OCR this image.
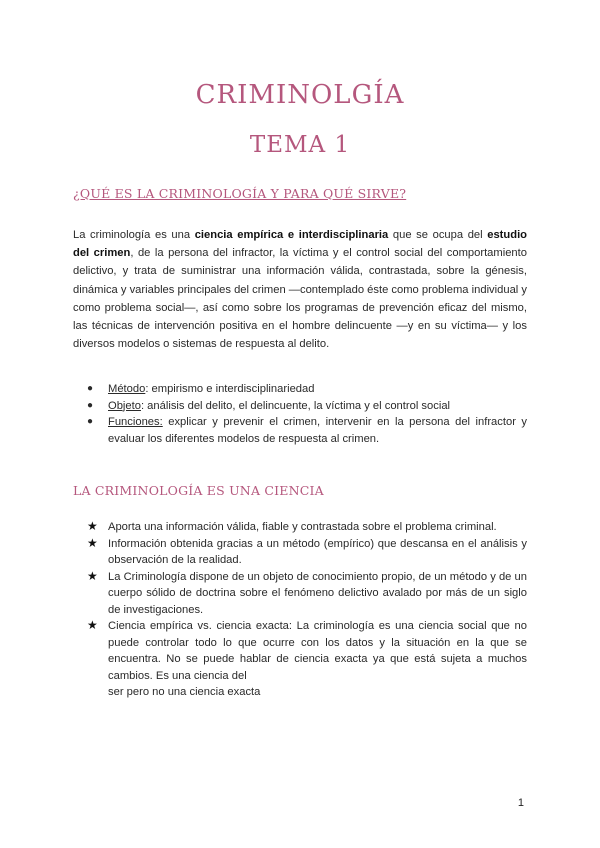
CRIMINOLGÍA
TEMA 1
¿QUÉ ES LA CRIMINOLOGÍA Y PARA QUÉ SIRVE?

La criminología es una ciencia empírica e interdisciplinaria que se ocupa del estudio del crimen, de la persona del infractor, la víctima y el control social del comportamiento delictivo, y trata de suministrar una información válida, contrastada, sobre la génesis, dinámica y variables principales del crimen —contemplado éste como problema individual y como problema social—, así como sobre los programas de prevención eficaz del mismo, las técnicas de intervención positiva en el hombre delincuente —y en su víctima— y los diversos modelos o sistemas de respuesta al delito.

● Método: empirismo e interdisciplinariedad
● Objeto: análisis del delito, el delincuente, la víctima y el control social
● Funciones: explicar y prevenir el crimen, intervenir en la persona del infractor y evaluar los diferentes modelos de respuesta al crimen.
LA CRIMINOLOGÍA ES UNA CIENCIA
★ Aporta una información válida, fiable y contrastada sobre el problema criminal.
★ Información obtenida gracias a un método (empírico) que descansa en el análisis y observación de la realidad.
★ La Criminología dispone de un objeto de conocimiento propio, de un método y de un cuerpo sólido de doctrina sobre el fenómeno delictivo avalado por más de un siglo de investigaciones.
★ Ciencia empírica vs. ciencia exacta: La criminología es una ciencia social que no puede controlar todo lo que ocurre con los datos y la situación en la que se encuentra. No se puede hablar de ciencia exacta ya que está sujeta a muchos cambios. Es una ciencia del
ser pero no una ciencia exacta
1
